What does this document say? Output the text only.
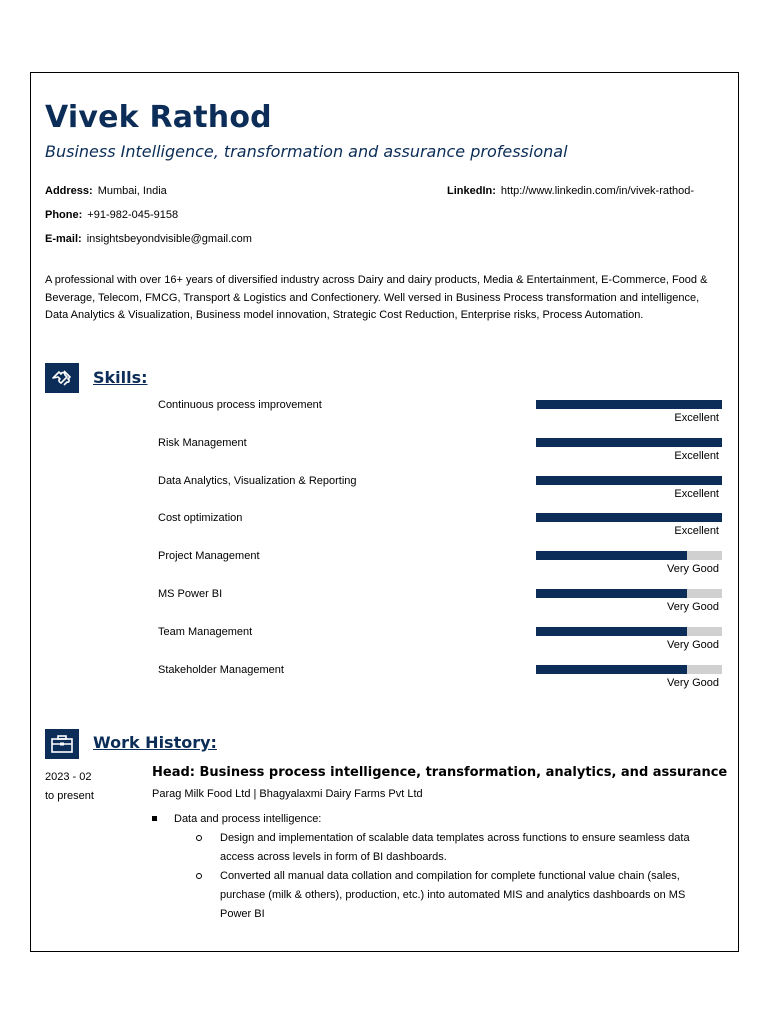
Vivek Rathod
Business Intelligence, transformation and assurance professional
Address: Mumbai, India
Phone: +91-982-045-9158
E-mail: insightsbeyondvisible@gmail.com
LinkedIn: http://www.linkedin.com/in/vivek-rathod-

A professional with over 16+ years of diversified industry across Dairy and dairy products, Media & Entertainment, E-Commerce, Food & Beverage, Telecom, FMCG, Transport & Logistics and Confectionery. Well versed in Business Process transformation and intelligence, Data Analytics & Visualization, Business model innovation, Strategic Cost Reduction, Enterprise risks, Process Automation.

Skills:
Continuous process improvement
Excellent
Risk Management
Excellent
Data Analytics, Visualization & Reporting
Excellent
Cost optimization
Excellent
Project Management
Very Good
MS Power BI
Very Good
Team Management
Very Good
Stakeholder Management
Very Good
Work History:
2023 - 02
to present
Head: Business process intelligence, transformation, analytics, and assurance
Parag Milk Food Ltd | Bhagyalaxmi Dairy Farms Pvt Ltd
Data and process intelligence:
Design and implementation of scalable data templates across functions to ensure seamless data access across levels in form of BI dashboards.
Converted all manual data collation and compilation for complete functional value chain (sales, purchase (milk & others), production, etc.) into automated MIS and analytics dashboards on MS Power BI
